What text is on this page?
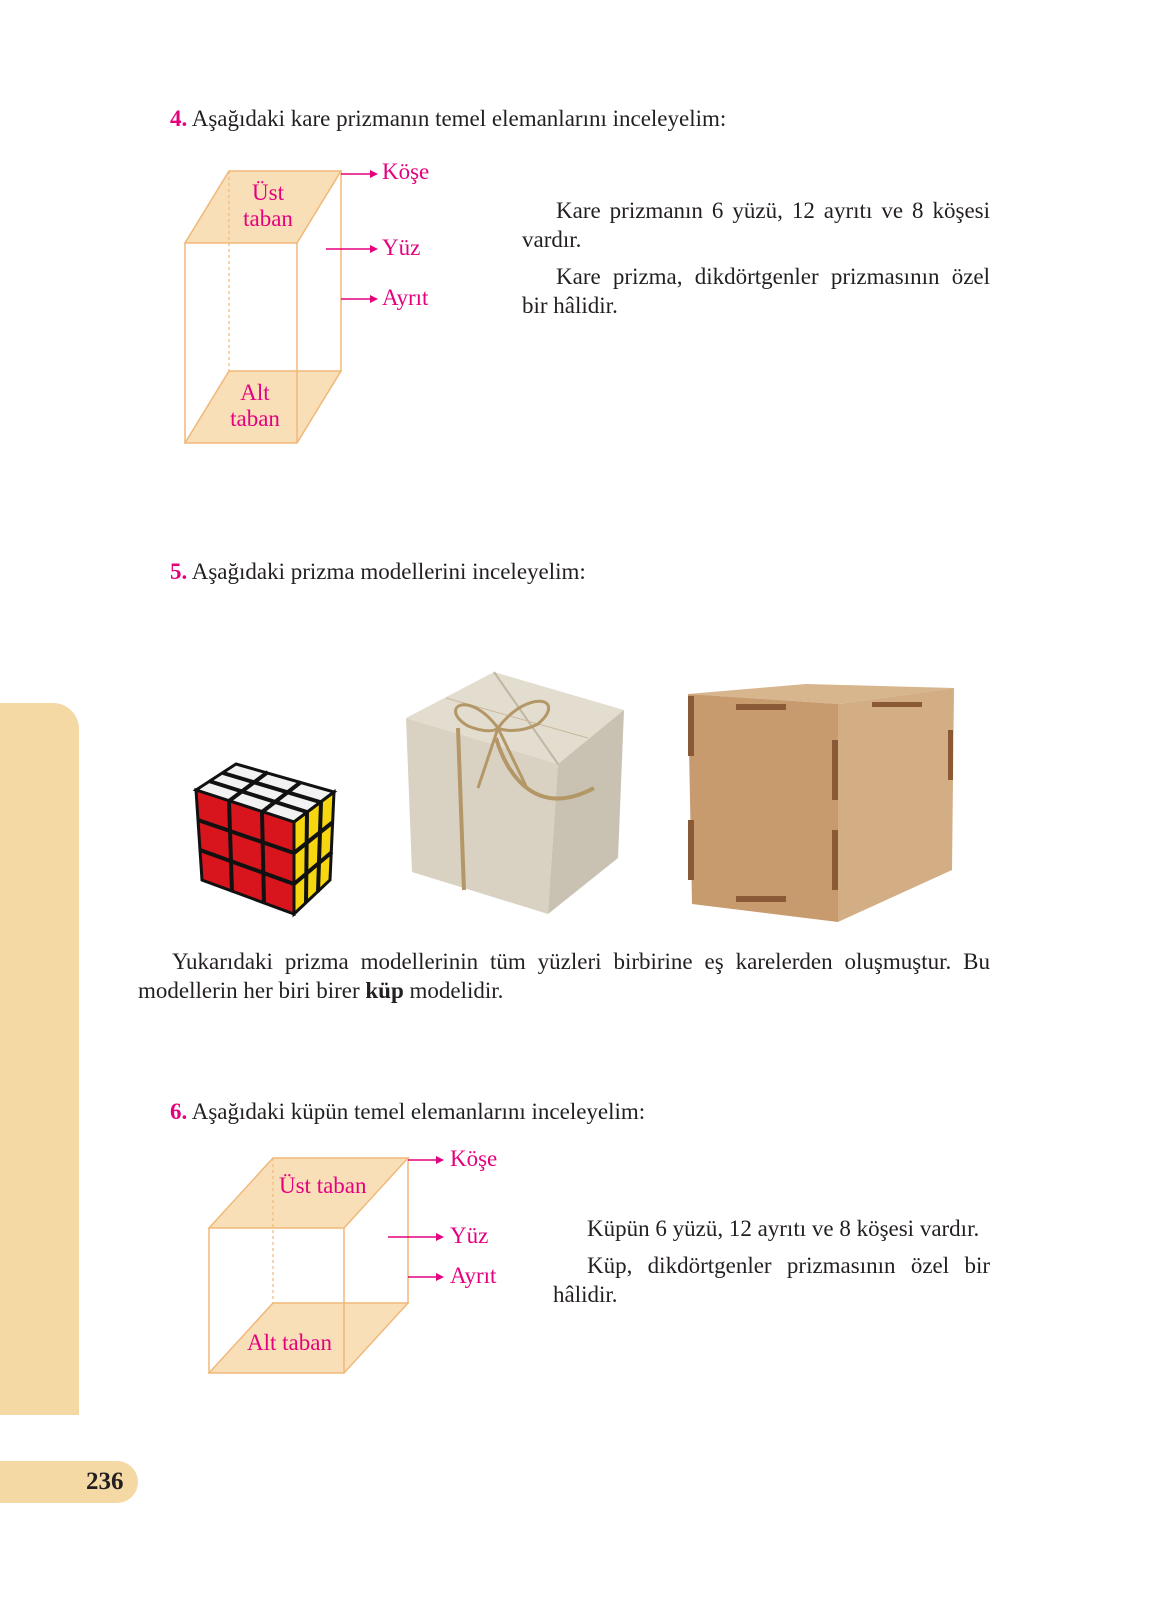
4. Aşağıdaki kare prizmanın temel elemanlarını inceleyelim:
Üst
taban
Alt
taban
Köşe
Yüz
Ayrıt

Kare prizmanın 6 yüzü, 12 ayrıtı ve 8 köşesi vardır.

Kare prizma, dikdörtgenler prizmasının özel bir hâlidir.

5. Aşağıdaki prizma modellerini inceleyelim:

Yukarıdaki prizma modellerinin tüm yüzleri birbirine eş karelerden oluşmuştur. Bu modellerin her biri birer küp modelidir.

6. Aşağıdaki küpün temel elemanlarını inceleyelim:
Üst taban
Alt taban
Köşe
Yüz
Ayrıt

Küpün 6 yüzü, 12 ayrıtı ve 8 köşesi vardır.

Küp, dikdörtgenler prizmasının özel bir hâlidir.

236
